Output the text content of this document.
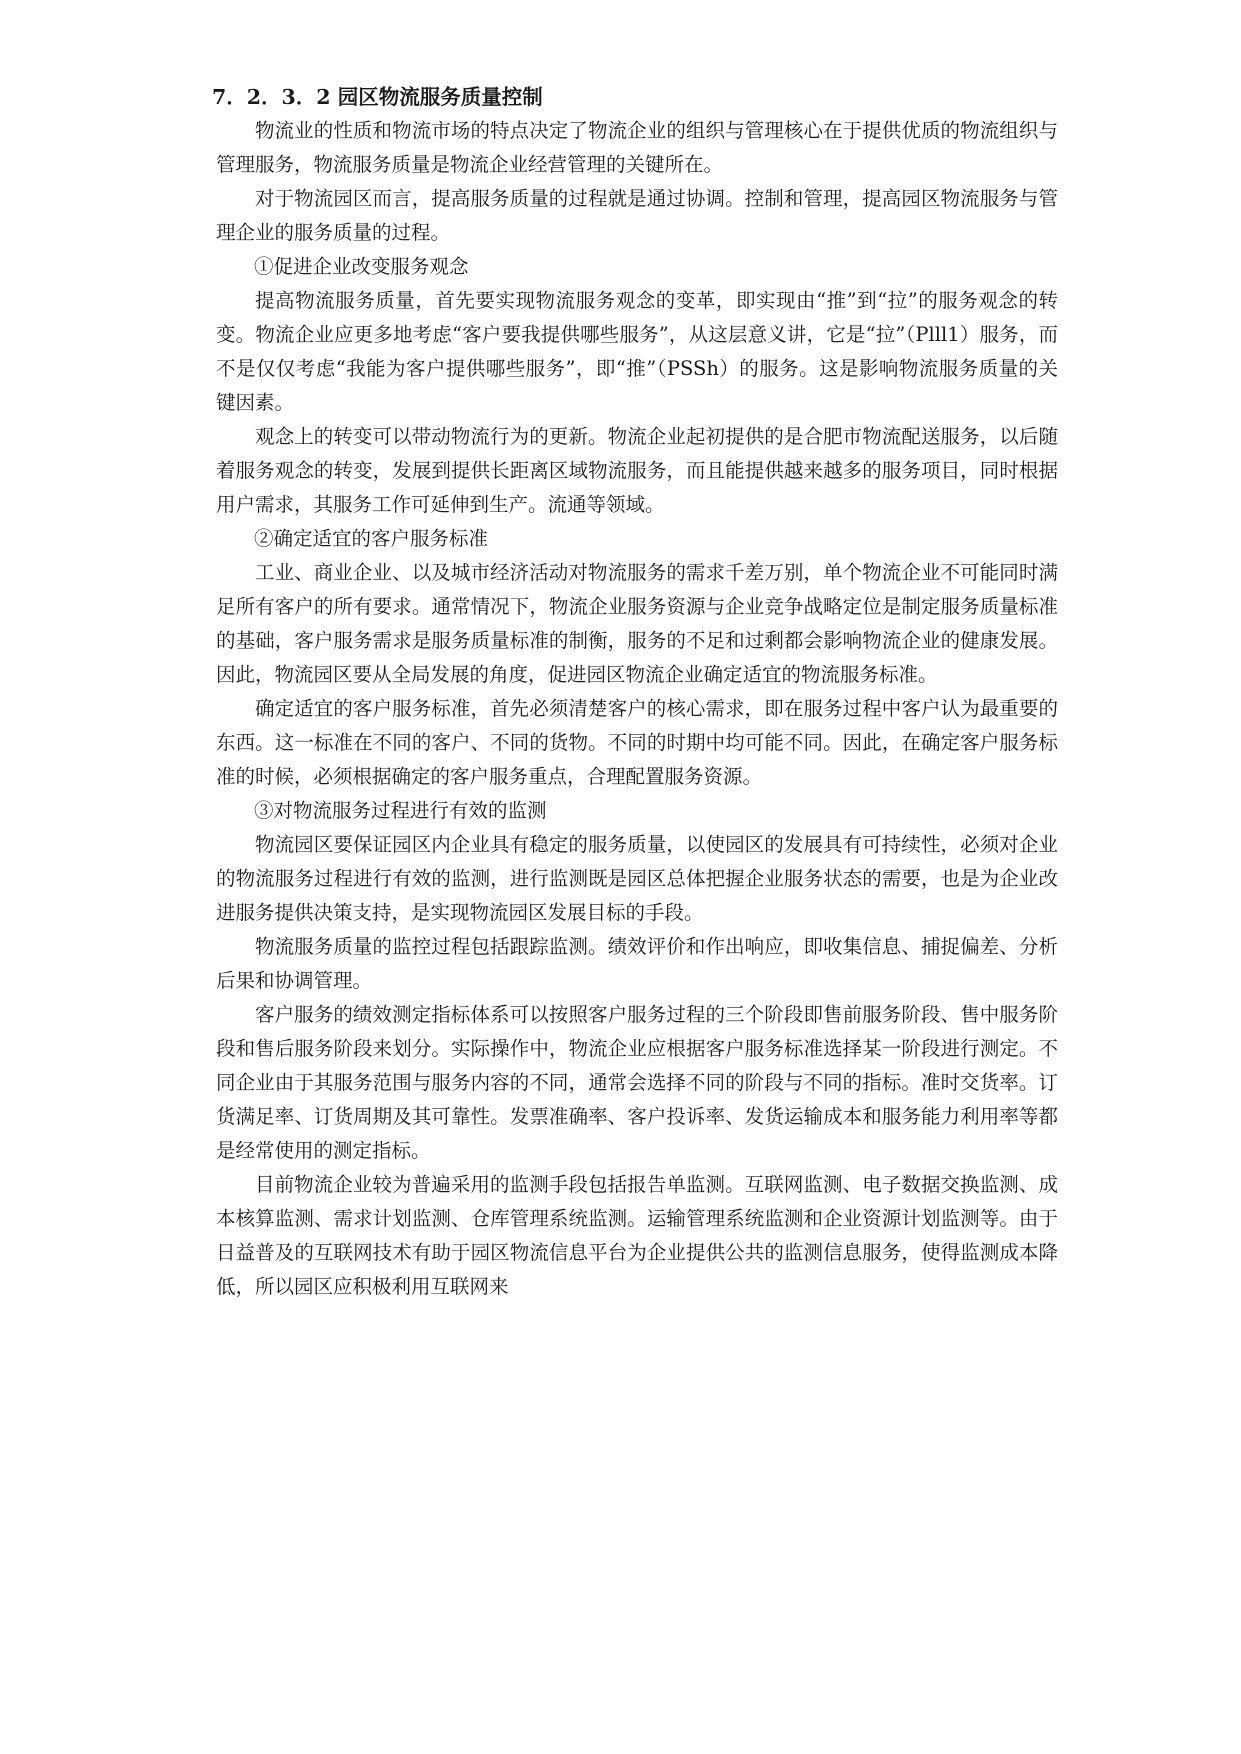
7．2．3．2 园区物流服务质量控制

物流业的性质和物流市场的特点决定了物流企业的组织与管理核心在于提供优质的物流组织与管理服务，物流服务质量是物流企业经营管理的关键所在。

对于物流园区而言，提高服务质量的过程就是通过协调。控制和管理，提高园区物流服务与管理企业的服务质量的过程。

①促进企业改变服务观念

提高物流服务质量，首先要实现物流服务观念的变革，即实现由“推”到“拉”的服务观念的转变。物流企业应更多地考虑“客户要我提供哪些服务”，从这层意义讲，它是“拉”（Plll1）服务，而不是仅仅考虑“我能为客户提供哪些服务”，即“推”（PSSh）的服务。这是影响物流服务质量的关键因素。

观念上的转变可以带动物流行为的更新。物流企业起初提供的是合肥市物流配送服务，以后随着服务观念的转变，发展到提供长距离区域物流服务，而且能提供越来越多的服务项目，同时根据用户需求，其服务工作可延伸到生产。流通等领域。

②确定适宜的客户服务标准

工业、商业企业、以及城市经济活动对物流服务的需求千差万别，单个物流企业不可能同时满足所有客户的所有要求。通常情况下，物流企业服务资源与企业竞争战略定位是制定服务质量标准的基础，客户服务需求是服务质量标准的制衡，服务的不足和过剩都会影响物流企业的健康发展。因此，物流园区要从全局发展的角度，促进园区物流企业确定适宜的物流服务标准。

确定适宜的客户服务标准，首先必须清楚客户的核心需求，即在服务过程中客户认为最重要的东西。这一标准在不同的客户、不同的货物。不同的时期中均可能不同。因此，在确定客户服务标准的时候，必须根据确定的客户服务重点，合理配置服务资源。

③对物流服务过程进行有效的监测

物流园区要保证园区内企业具有稳定的服务质量，以使园区的发展具有可持续性，必须对企业的物流服务过程进行有效的监测，进行监测既是园区总体把握企业服务状态的需要，也是为企业改进服务提供决策支持，是实现物流园区发展目标的手段。

物流服务质量的监控过程包括跟踪监测。绩效评价和作出响应，即收集信息、捕捉偏差、分析后果和协调管理。

客户服务的绩效测定指标体系可以按照客户服务过程的三个阶段即售前服务阶段、售中服务阶段和售后服务阶段来划分。实际操作中，物流企业应根据客户服务标准选择某一阶段进行测定。不同企业由于其服务范围与服务内容的不同，通常会选择不同的阶段与不同的指标。准时交货率。订货满足率、订货周期及其可靠性。发票准确率、客户投诉率、发货运输成本和服务能力利用率等都是经常使用的测定指标。

目前物流企业较为普遍采用的监测手段包括报告单监测。互联网监测、电子数据交换监测、成本核算监测、需求计划监测、仓库管理系统监测。运输管理系统监测和企业资源计划监测等。由于日益普及的互联网技术有助于园区物流信息平台为企业提供公共的监测信息服务，使得监测成本降低，所以园区应积极利用互联网来
